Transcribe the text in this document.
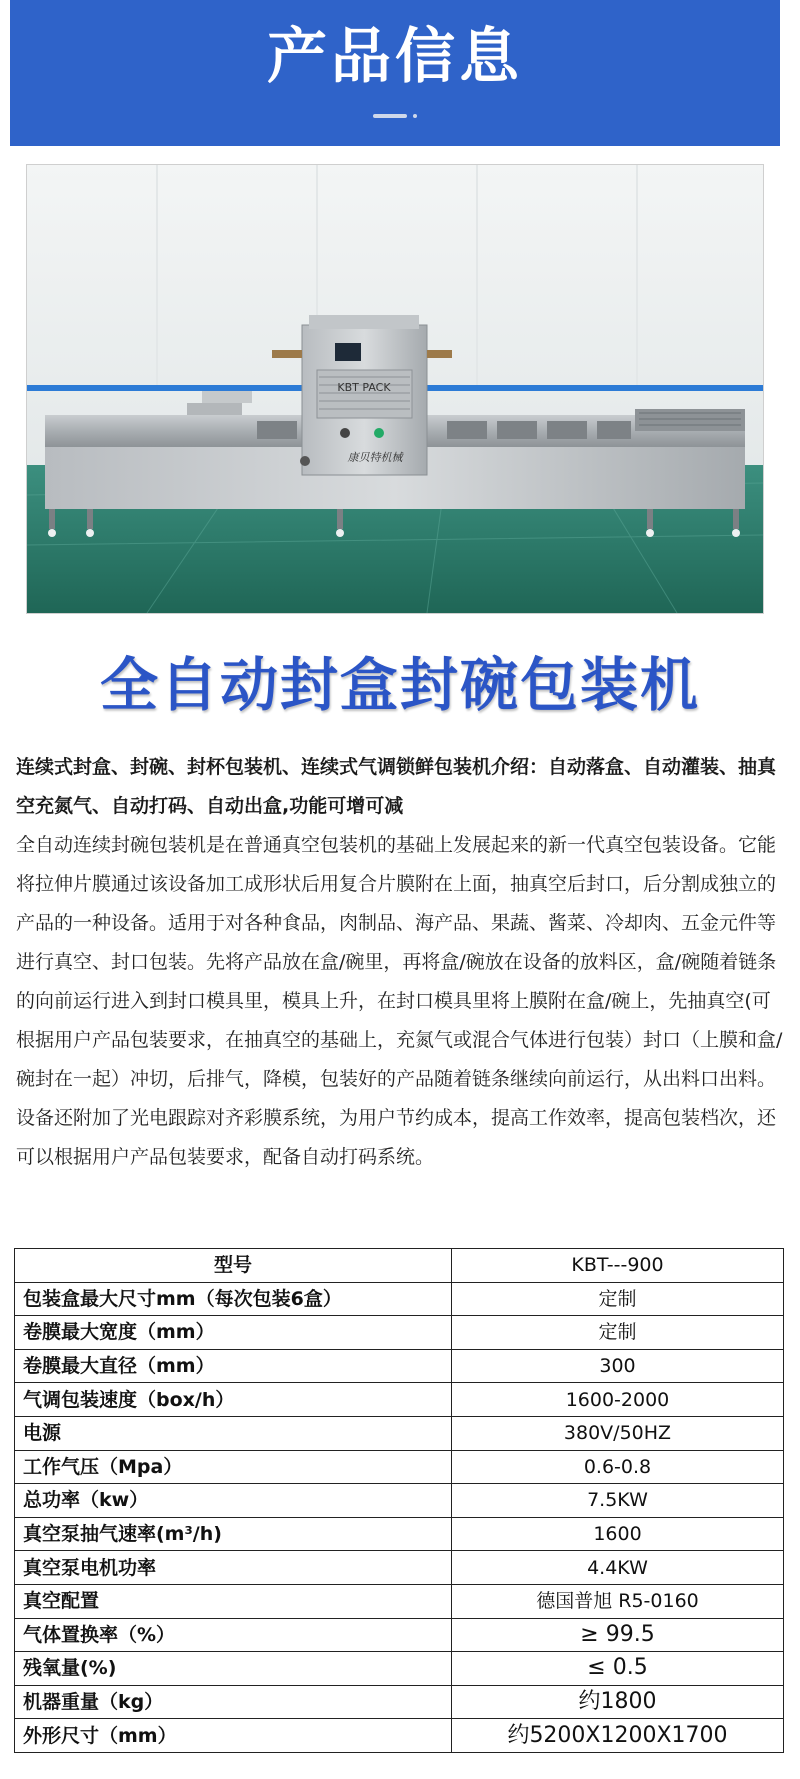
产品信息
KBT PACK
康贝特机械
全自动封盒封碗包装机
连续式封盒、封碗、封杯包装机、连续式气调锁鲜包装机介绍：自动落盒、自动灌装、抽真空充氮气、自动打码、自动出盒,功能可增可减
全自动连续封碗包装机是在普通真空包装机的基础上发展起来的新一代真空包装设备。它能将拉伸片膜通过该设备加工成形状后用复合片膜附在上面，抽真空后封口，后分割成独立的产品的一种设备。适用于对各种食品，肉制品、海产品、果蔬、酱菜、冷却肉、五金元件等进行真空、封口包装。先将产品放在盒/碗里，再将盒/碗放在设备的放料区，盒/碗随着链条的向前运行进入到封口模具里，模具上升，在封口模具里将上膜附在盒/碗上，先抽真空(可根据用户产品包装要求，在抽真空的基础上，充氮气或混合气体进行包装）封口（上膜和盒/碗封在一起）冲切，后排气，降模，包装好的产品随着链条继续向前运行，从出料口出料。设备还附加了光电跟踪对齐彩膜系统，为用户节约成本，提高工作效率，提高包装档次，还可以根据用户产品包装要求，配备自动打码系统。
型号	KBT---900
包装盒最大尺寸mm（每次包装6盒）	定制
卷膜最大宽度（mm）	定制
卷膜最大直径（mm）	300
气调包装速度（box/h）	1600-2000
电源	380V/50HZ
工作气压（Mpa）	0.6-0.8
总功率（kw）	7.5KW
真空泵抽气速率(m³/h)	1600
真空泵电机功率	4.4KW
真空配置	德国普旭 R5-0160
气体置换率（%）	≥ 99.5
残氧量(%)	≤ 0.5
机器重量（kg）	约1800
外形尺寸（mm）	约5200X1200X1700
